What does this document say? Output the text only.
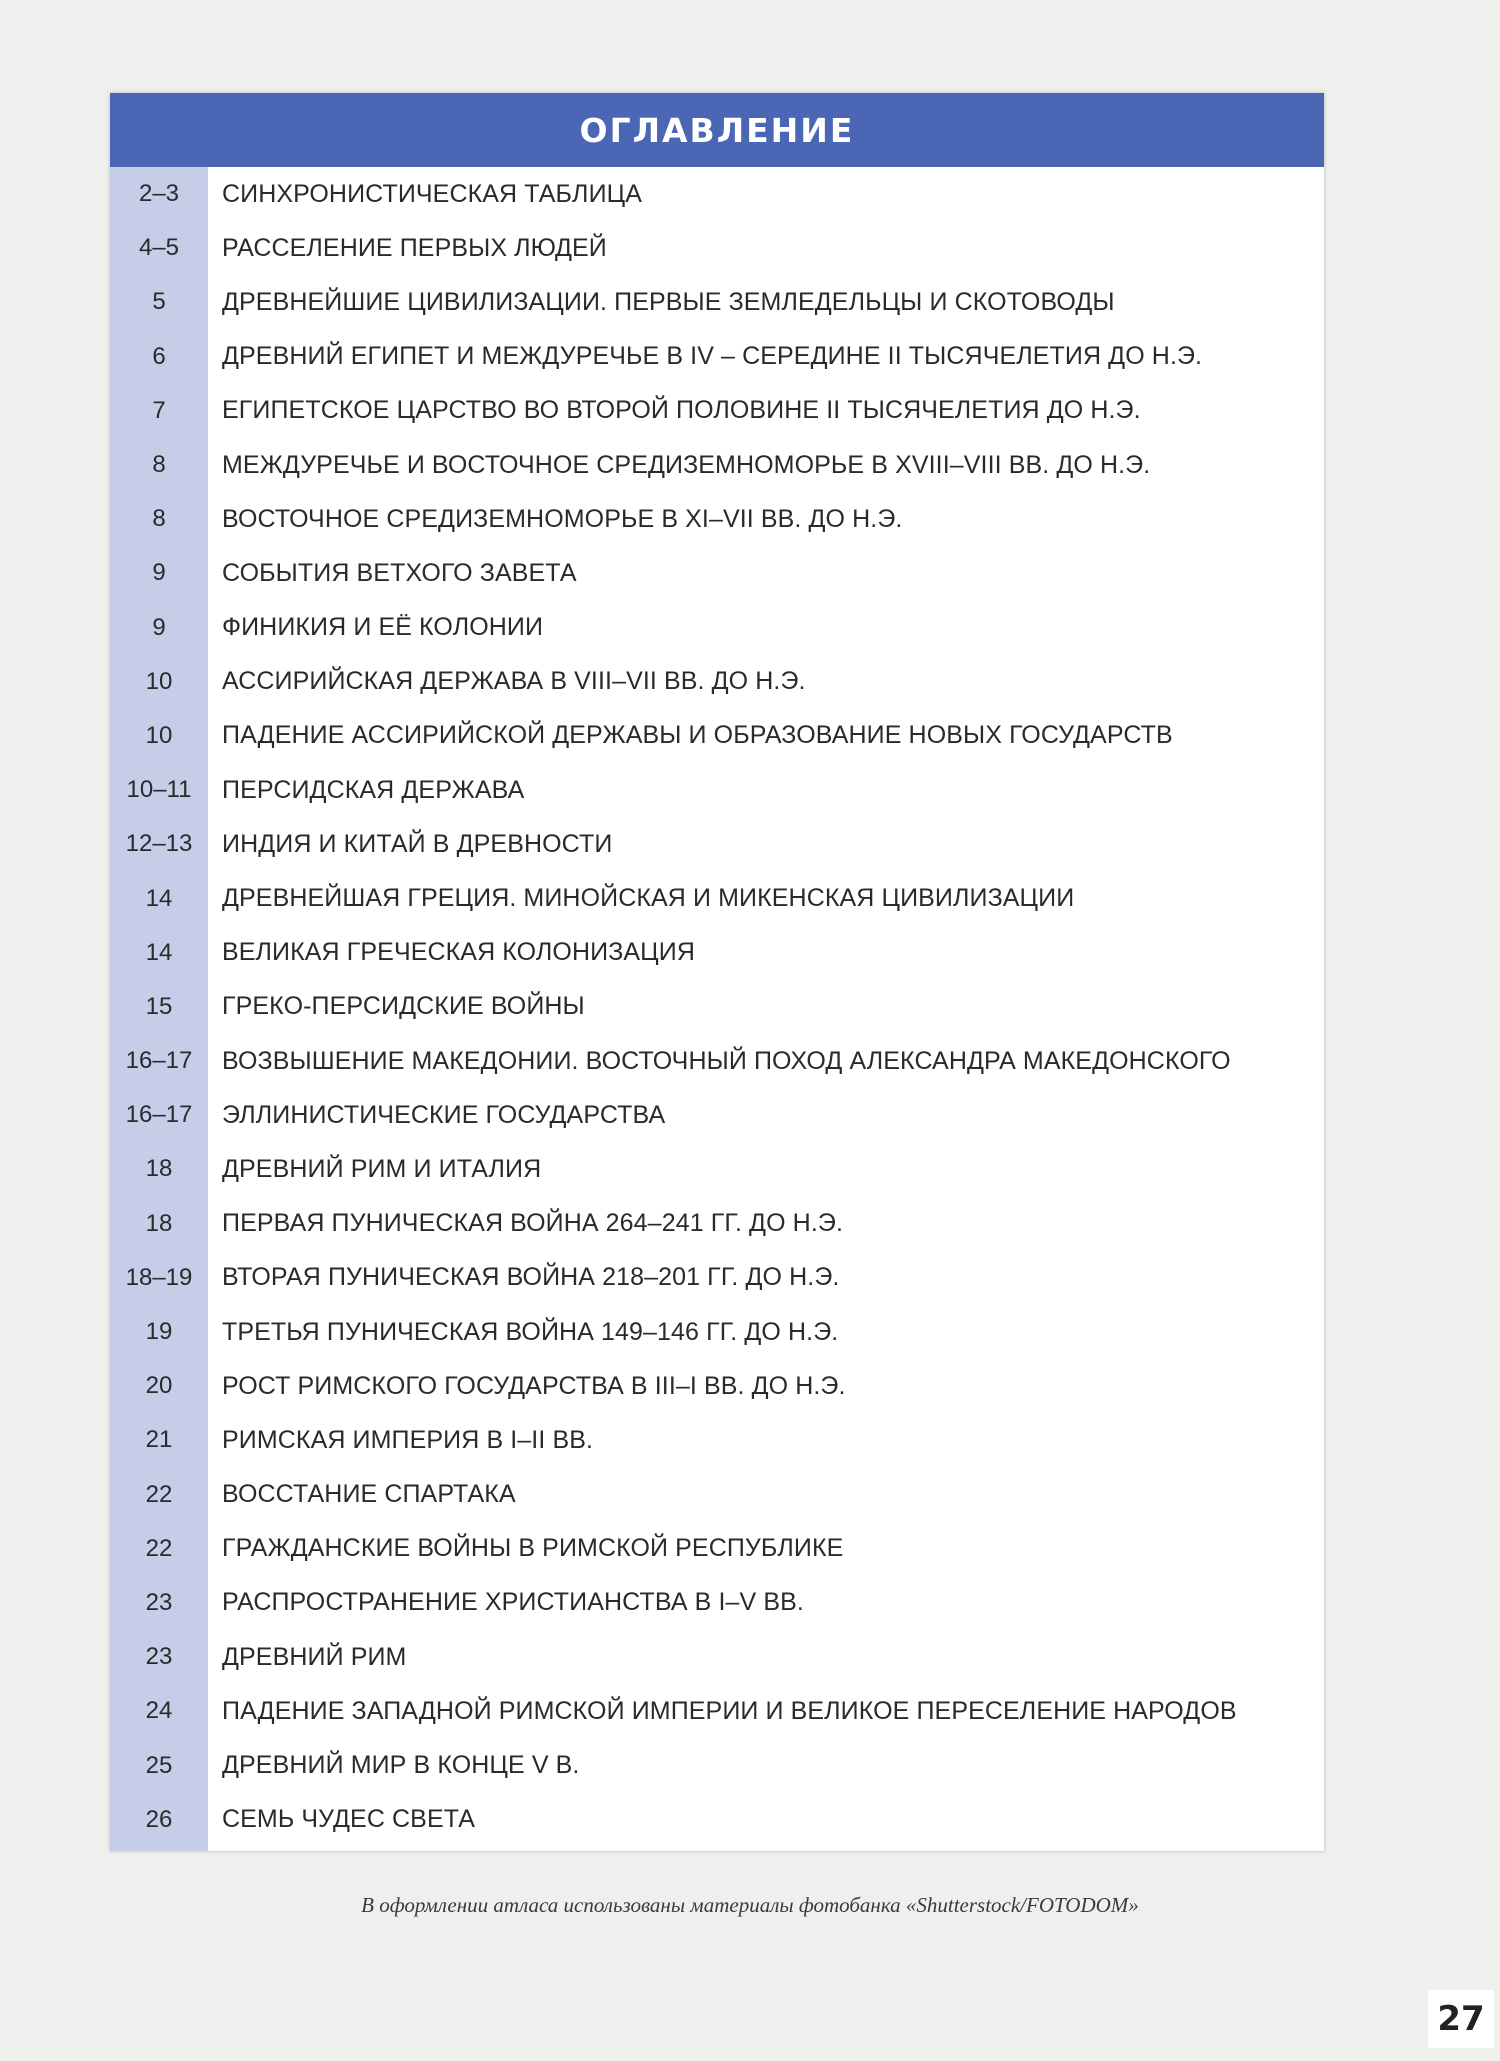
ОГЛАВЛЕНИЕ
2–3	СИНХРОНИСТИЧЕСКАЯ ТАБЛИЦА
4–5	РАССЕЛЕНИЕ ПЕРВЫХ ЛЮДЕЙ
5	ДРЕВНЕЙШИЕ ЦИВИЛИЗАЦИИ. ПЕРВЫЕ ЗЕМЛЕДЕЛЬЦЫ И СКОТОВОДЫ
6	ДРЕВНИЙ ЕГИПЕТ И МЕЖДУРЕЧЬЕ В IV – СЕРЕДИНЕ II ТЫСЯЧЕЛЕТИЯ ДО Н.Э.
7	ЕГИПЕТСКОЕ ЦАРСТВО ВО ВТОРОЙ ПОЛОВИНЕ II ТЫСЯЧЕЛЕТИЯ ДО Н.Э.
8	МЕЖДУРЕЧЬЕ И ВОСТОЧНОЕ СРЕДИЗЕМНОМОРЬЕ В XVIII–VIII ВВ. ДО Н.Э.
8	ВОСТОЧНОЕ СРЕДИЗЕМНОМОРЬЕ В XI–VII ВВ. ДО Н.Э.
9	СОБЫТИЯ ВЕТХОГО ЗАВЕТА
9	ФИНИКИЯ И ЕЁ КОЛОНИИ
10	АССИРИЙСКАЯ ДЕРЖАВА В VIII–VII ВВ. ДО Н.Э.
10	ПАДЕНИЕ АССИРИЙСКОЙ ДЕРЖАВЫ И ОБРАЗОВАНИЕ НОВЫХ ГОСУДАРСТВ
10–11	ПЕРСИДСКАЯ ДЕРЖАВА
12–13	ИНДИЯ И КИТАЙ В ДРЕВНОСТИ
14	ДРЕВНЕЙШАЯ ГРЕЦИЯ. МИНОЙСКАЯ И МИКЕНСКАЯ ЦИВИЛИЗАЦИИ
14	ВЕЛИКАЯ ГРЕЧЕСКАЯ КОЛОНИЗАЦИЯ
15	ГРЕКО-ПЕРСИДСКИЕ ВОЙНЫ
16–17	ВОЗВЫШЕНИЕ МАКЕДОНИИ. ВОСТОЧНЫЙ ПОХОД АЛЕКСАНДРА МАКЕДОНСКОГО
16–17	ЭЛЛИНИСТИЧЕСКИЕ ГОСУДАРСТВА
18	ДРЕВНИЙ РИМ И ИТАЛИЯ
18	ПЕРВАЯ ПУНИЧЕСКАЯ ВОЙНА 264–241 ГГ. ДО Н.Э.
18–19	ВТОРАЯ ПУНИЧЕСКАЯ ВОЙНА 218–201 ГГ. ДО Н.Э.
19	ТРЕТЬЯ ПУНИЧЕСКАЯ ВОЙНА 149–146 ГГ. ДО Н.Э.
20	РОСТ РИМСКОГО ГОСУДАРСТВА В III–I ВВ. ДО Н.Э.
21	РИМСКАЯ ИМПЕРИЯ В I–II ВВ.
22	ВОССТАНИЕ СПАРТАКА
22	ГРАЖДАНСКИЕ ВОЙНЫ В РИМСКОЙ РЕСПУБЛИКЕ
23	РАСПРОСТРАНЕНИЕ ХРИСТИАНСТВА В I–V ВВ.
23	ДРЕВНИЙ РИМ
24	ПАДЕНИЕ ЗАПАДНОЙ РИМСКОЙ ИМПЕРИИ И ВЕЛИКОЕ ПЕРЕСЕЛЕНИЕ НАРОДОВ
25	ДРЕВНИЙ МИР В КОНЦЕ V В.
26	СЕМЬ ЧУДЕС СВЕТА
В оформлении атласа использованы материалы фотобанка «Shutterstock/FOTODOM»
27
